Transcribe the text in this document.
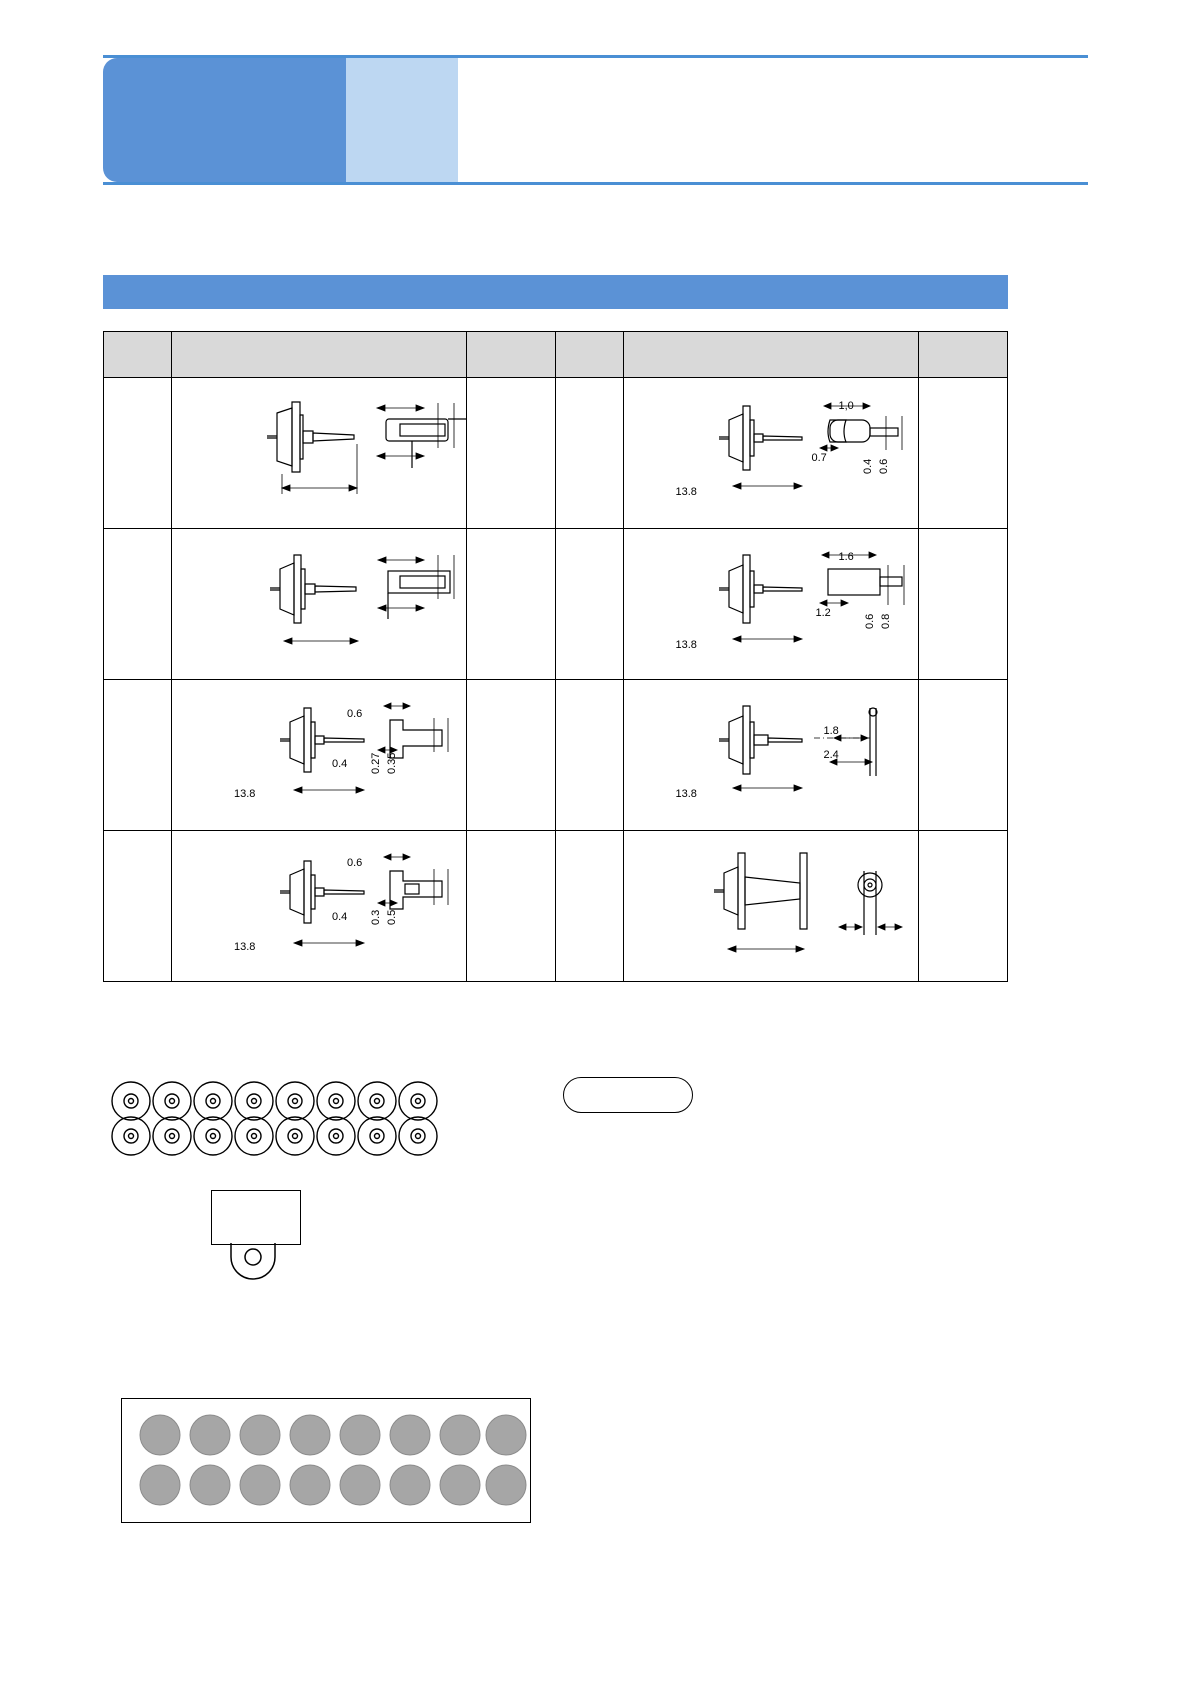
0.6
0.4 0.27 0.35
13.8
0.6
0.4 0.3 0.5
13.8
1,0
0.7
0.4 0.6
13.8
1.6
1.2
0.6 0.8
13.8
1.8
2.4
13.8
